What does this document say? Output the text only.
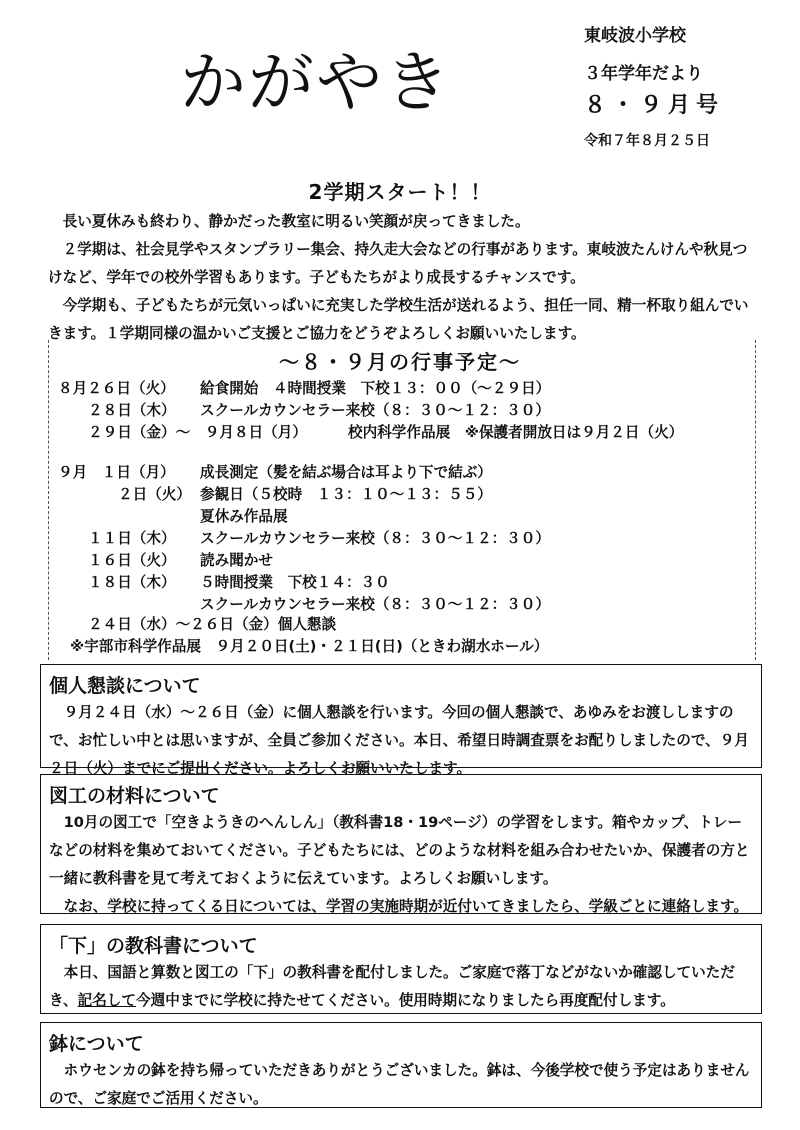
かがやき
東岐波小学校
３年学年だより
８・９月号
令和７年８月２５日
2学期スタート！！

長い夏休みも終わり、静かだった教室に明るい笑顔が戻ってきました。

２学期は、社会見学やスタンプラリー集会、持久走大会などの行事があります。東岐波たんけんや秋見つけなど、学年での校外学習もあります。子どもたちがより成長するチャンスです。

今学期も、子どもたちが元気いっぱいに充実した学校生活が送れるよう、担任一同、精一杯取り組んでいきます。１学期同様の温かいご支援とご協力をどうぞよろしくお願いいたします。

～８・９月の行事予定～
８月２６日（火） 給食開始　４時間授業　下校１３：００（～２９日）
２８日（木） スクールカウンセラー来校（８：３０～１２：３０）
２９日（金）～　９月８日（月）	校内科学作品展　※保護者開放日は９月２日（火）
９月　１日（月） 成長測定（髪を結ぶ場合は耳より下で結ぶ）
２日（火） 参観日（５校時　１３：１０～１３：５５）
夏休み作品展
１１日（木） スクールカウンセラー来校（８：３０～１２：３０）
１６日（火） 読み聞かせ
１８日（木） ５時間授業　下校１４：３０
スクールカウンセラー来校（８：３０～１２：３０）
２４日（水）～２６日（金）個人懇談
※宇部市科学作品展　９月２０日(土)・２１日(日)（ときわ湖水ホール）
個人懇談について

９月２４日（水）～２６日（金）に個人懇談を行います。今回の個人懇談で、あゆみをお渡ししますので、お忙しい中とは思いますが、全員ご参加ください。本日、希望日時調査票をお配りしましたので、９月２日（火）までにご提出ください。よろしくお願いいたします。

図工の材料について

10月の図工で「空きようきのへんしん」（教科書18・19ページ）の学習をします。箱やカップ、トレーなどの材料を集めておいてください。子どもたちには、どのような材料を組み合わせたいか、保護者の方と一緒に教科書を見て考えておくように伝えています。よろしくお願いします。

なお、学校に持ってくる日については、学習の実施時期が近付いてきましたら、学級ごとに連絡します。

「下」の教科書について

本日、国語と算数と図工の「下」の教科書を配付しました。ご家庭で落丁などがないか確認していただき、記名して今週中までに学校に持たせてください。使用時期になりましたら再度配付します。

鉢について

ホウセンカの鉢を持ち帰っていただきありがとうございました。鉢は、今後学校で使う予定はありませんので、ご家庭でご活用ください。
